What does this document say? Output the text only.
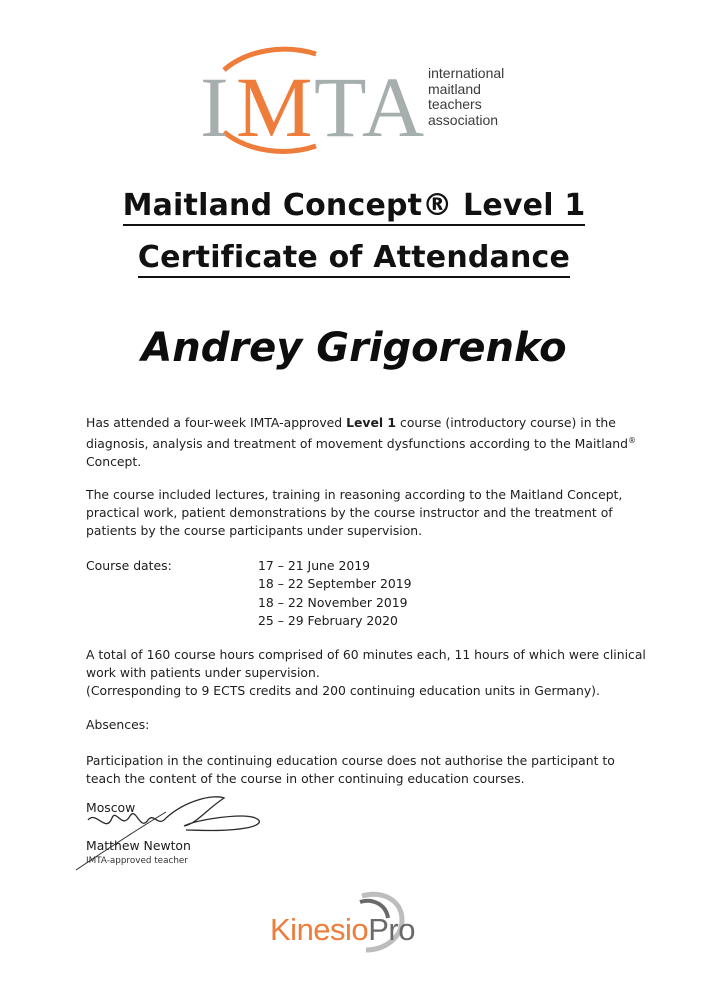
I M T A international
maitland
teachers
association
Maitland Concept® Level 1
Certificate of Attendance
Andrey Grigorenko
Has attended a four-week IMTA-approved Level 1 course (introductory course) in the diagnosis, analysis and treatment of movement dysfunctions according to the Maitland® Concept.
The course included lectures, training in reasoning according to the Maitland Concept, practical work, patient demonstrations by the course instructor and the treatment of patients by the course participants under supervision.
Course dates:	17 – 21 June 2019
18 – 22 September 2019
18 – 22 November 2019
25 – 29 February 2020
A total of 160 course hours comprised of 60 minutes each, 11 hours of which were clinical work with patients under supervision.
(Corresponding to 9 ECTS credits and 200 continuing education units in Germany).
Absences:
Participation in the continuing education course does not authorise the participant to teach the content of the course in other continuing education courses.
Moscow
Matthew Newton
IMTA-approved teacher
KinesioPro
